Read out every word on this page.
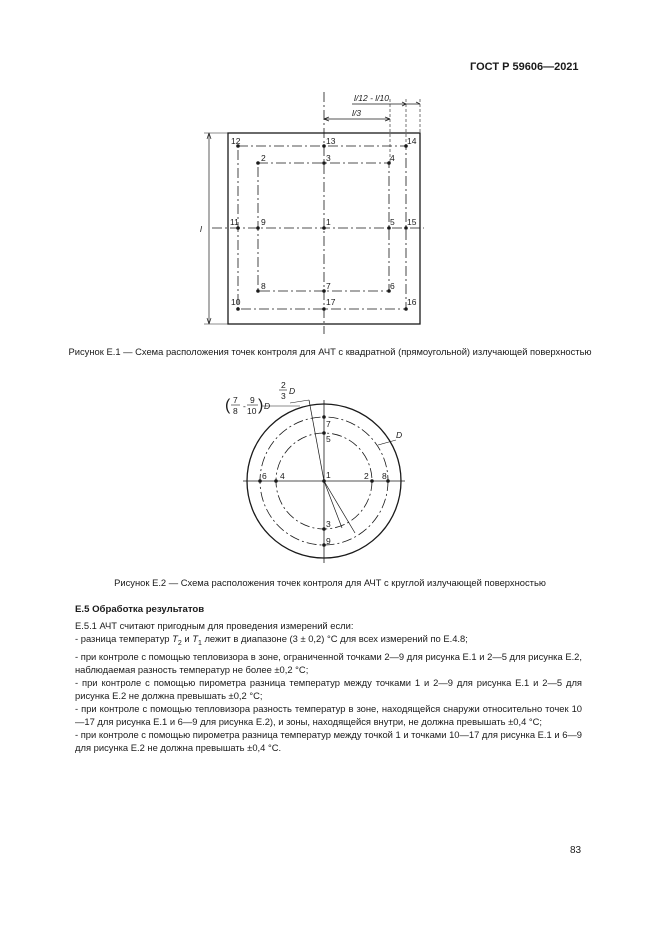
ГОСТ Р 59606—2021
1
2	3	4
5
6
7
8
9
10
11
12	13	14
15
16
17
l/12 - l/10
l/3
l
Рисунок Е.1 — Схема расположения точек контроля для АЧТ с квадратной (прямоугольной) излучающей поверхностью
1	2
3
4
5
6
7
8
9
2
3 D
( 7
8 -
9
10 ) D
D
Рисунок Е.2 — Схема расположения точек контроля для АЧТ с круглой излучающей поверхностью
Е.5 Обработка результатов

Е.5.1 АЧТ считают пригодным для проведения измерений если:

- разница температур $T_2$ и $T_1$ лежит в диапазоне (3 ± 0,2) °С для всех измерений по Е.4.8;

- при контроле с помощью тепловизора в зоне, ограниченной точками 2—9 для рисунка Е.1 и 2—5 для рисунка Е.2, наблюдаемая разность температур не более ±0,2 °С;

- при контроле с помощью пирометра разница температур между точками 1 и 2—9 для рисунка Е.1 и 2—5 для рисунка Е.2 не должна превышать ±0,2 °С;

- при контроле с помощью тепловизора разность температур в зоне, находящейся снаружи относительно точек 10—17 для рисунка Е.1 и 6—9 для рисунка Е.2), и зоны, находящейся внутри, не должна превышать ±0,4 °С;

- при контроле с помощью пирометра разница температур между точкой 1 и точками 10—17 для рисунка Е.1 и 6—9 для рисунка Е.2 не должна превышать ±0,4 °С.

83
